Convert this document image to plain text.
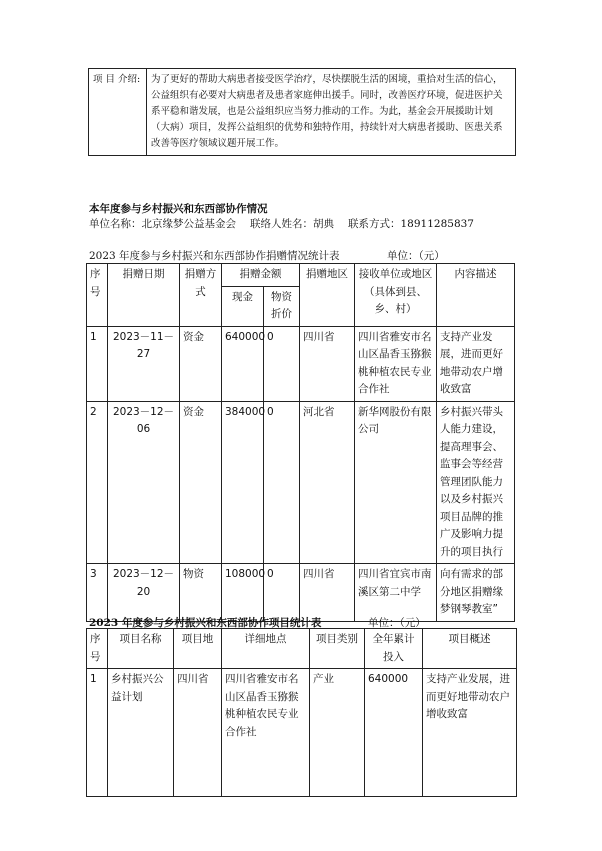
项 目 介绍:	为了更好的帮助大病患者接受医学治疗，尽快摆脱生活的困境，重拾对生活的信心，公益组织有必要对大病患者及患者家庭伸出援手。同时，改善医疗环境，促进医护关系平稳和谐发展，也是公益组织应当努力推动的工作。为此，基金会开展援助计划（大病）项目，发挥公益组织的优势和独特作用，持续针对大病患者援助、医患关系改善等医疗领域议题开展工作。
本年度参与乡村振兴和东西部协作情况
单位名称：北京缘梦公益基金会 联络人姓名：胡典 联系方式：18911285837
2023 年度参与乡村振兴和东西部协作捐赠情况统计表	单位：（元）
序号	捐赠日期	捐赠方式	捐赠金额		捐赠地区	接收单位或地区（具体到县、乡、村）	内容描述
			现金	物资折价			
1	2023－11－27	资金	640000	0	四川省	四川省雅安市名山区晶香玉猕猴桃种植农民专业合作社	支持产业发展，进而更好地带动农户增收致富
2	2023－12－06	资金	384000	0	河北省	新华网股份有限公司	乡村振兴带头人能力建设，提高理事会、监事会等经营管理团队能力以及乡村振兴项目品牌的推广及影响力提升的项目执行
3	2023－12－20	物资	108000	0	四川省	四川省宜宾市南溪区第二中学	向有需求的部分地区捐赠缘梦钢琴教室”
2023 年度参与乡村振兴和东西部协作项目统计表	单位：（元）
序号	项目名称	项目地	详细地点	项目类别	全年累计投入	项目概述
1	乡村振兴公益计划	四川省	四川省雅安市名山区晶香玉猕猴桃种植农民专业合作社	产业	640000	支持产业发展，进而更好地带动农户增收致富
